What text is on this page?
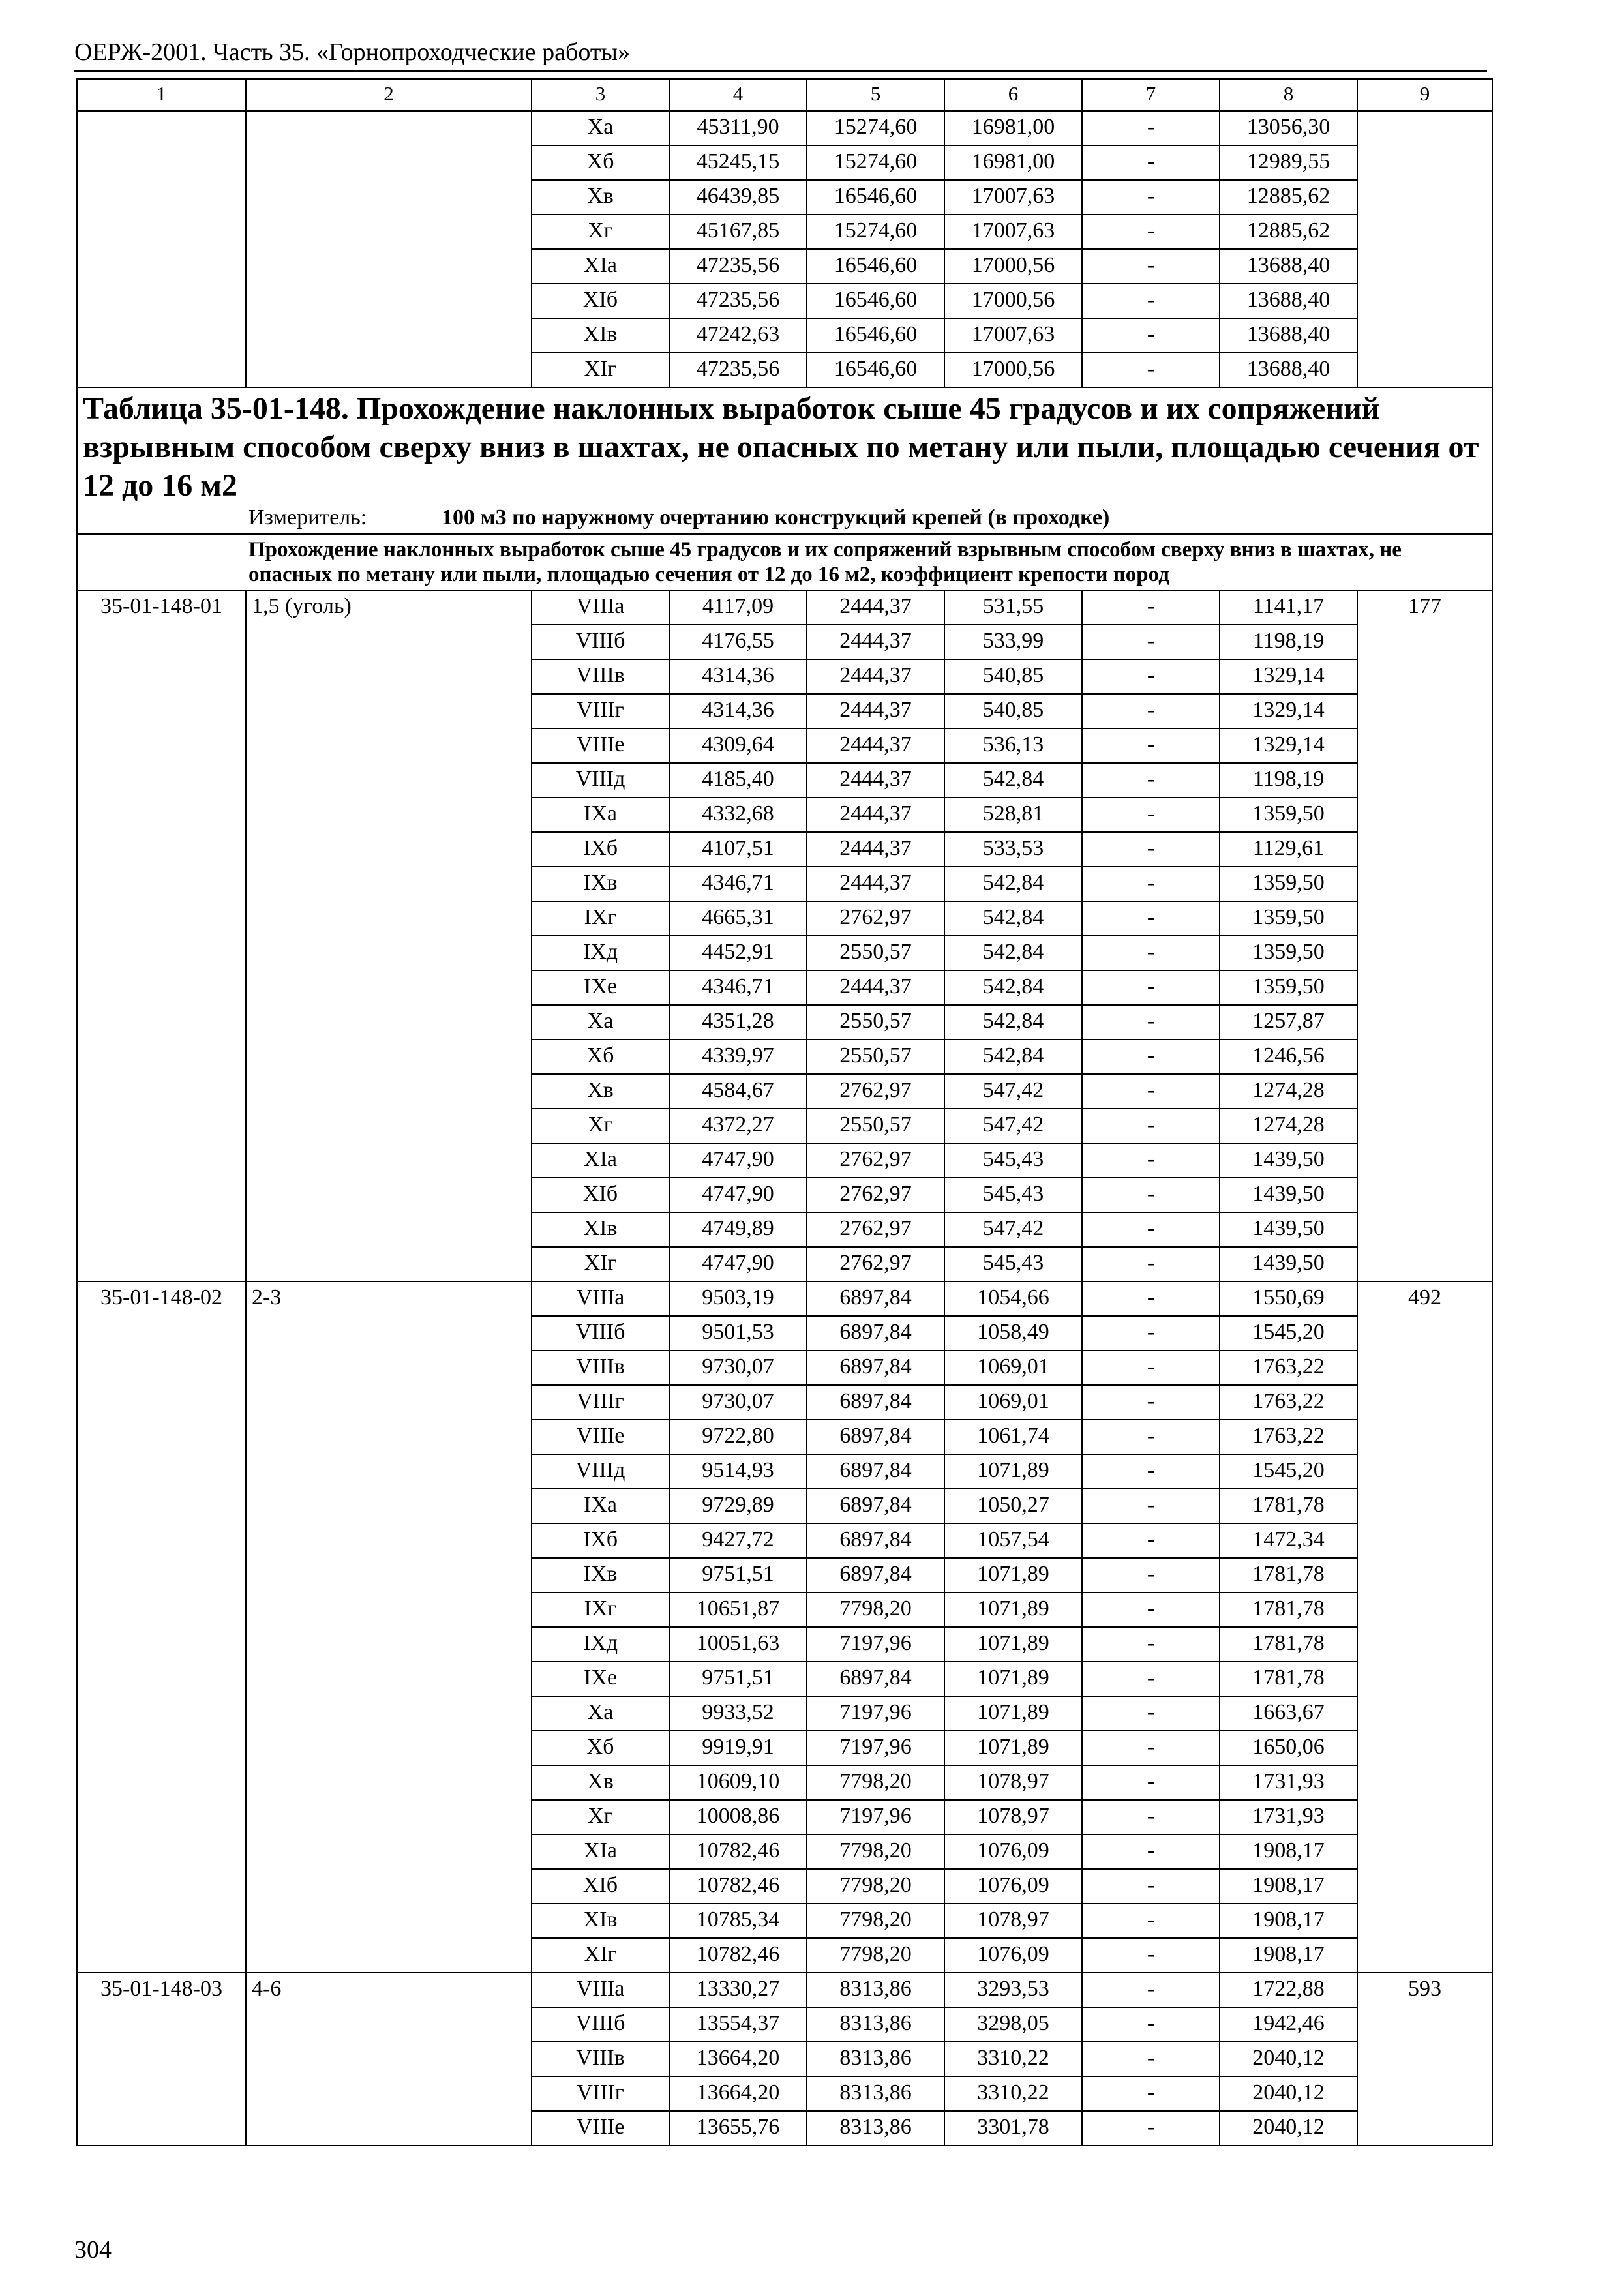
ОЕРЖ-2001. Часть 35. «Горнопроходческие работы»
1	2	3	4	5	6	7	8	9
		Xa	45311,90	15274,60	16981,00	-	13056,30	
		Xб	45245,15	15274,60	16981,00	-	12989,55	
		Xв	46439,85	16546,60	17007,63	-	12885,62	
		Xг	45167,85	15274,60	17007,63	-	12885,62	
		XIa	47235,56	16546,60	17000,56	-	13688,40	
		XIб	47235,56	16546,60	17000,56	-	13688,40	
		XIв	47242,63	16546,60	17007,63	-	13688,40	
		XIг	47235,56	16546,60	17000,56	-	13688,40	
Таблица 35-01-148. Прохождение наклонных выработок сыше 45 градусов и их сопряжений взрывным способом сверху вниз в шахтах, не опасных по метану или пыли, площадью сечения от 12 до 16 м2								
Измеритель: 100 м3 по наружному очертанию конструкций крепей (в проходке)								
Прохождение наклонных выработок сыше 45 градусов и их сопряжений взрывным способом сверху вниз в шахтах, не опасных по метану или пыли, площадью сечения от 12 до 16 м2, коэффициент крепости пород								
35-01-148-01	1,5 (уголь)	VIIIa	4117,09	2444,37	531,55	-	1141,17	177
		VIIIб	4176,55	2444,37	533,99	-	1198,19	
		VIIIв	4314,36	2444,37	540,85	-	1329,14	
		VIIIг	4314,36	2444,37	540,85	-	1329,14	
		VIIIе	4309,64	2444,37	536,13	-	1329,14	
		VIIIд	4185,40	2444,37	542,84	-	1198,19	
		IXa	4332,68	2444,37	528,81	-	1359,50	
		IXб	4107,51	2444,37	533,53	-	1129,61	
		IXв	4346,71	2444,37	542,84	-	1359,50	
		IXг	4665,31	2762,97	542,84	-	1359,50	
		IXд	4452,91	2550,57	542,84	-	1359,50	
		IXе	4346,71	2444,37	542,84	-	1359,50	
		Xa	4351,28	2550,57	542,84	-	1257,87	
		Xб	4339,97	2550,57	542,84	-	1246,56	
		Xв	4584,67	2762,97	547,42	-	1274,28	
		Xг	4372,27	2550,57	547,42	-	1274,28	
		XIa	4747,90	2762,97	545,43	-	1439,50	
		XIб	4747,90	2762,97	545,43	-	1439,50	
		XIв	4749,89	2762,97	547,42	-	1439,50	
		XIг	4747,90	2762,97	545,43	-	1439,50	
35-01-148-02	2-3	VIIIa	9503,19	6897,84	1054,66	-	1550,69	492
		VIIIб	9501,53	6897,84	1058,49	-	1545,20	
		VIIIв	9730,07	6897,84	1069,01	-	1763,22	
		VIIIг	9730,07	6897,84	1069,01	-	1763,22	
		VIIIе	9722,80	6897,84	1061,74	-	1763,22	
		VIIIд	9514,93	6897,84	1071,89	-	1545,20	
		IXa	9729,89	6897,84	1050,27	-	1781,78	
		IXб	9427,72	6897,84	1057,54	-	1472,34	
		IXв	9751,51	6897,84	1071,89	-	1781,78	
		IXг	10651,87	7798,20	1071,89	-	1781,78	
		IXд	10051,63	7197,96	1071,89	-	1781,78	
		IXе	9751,51	6897,84	1071,89	-	1781,78	
		Xa	9933,52	7197,96	1071,89	-	1663,67	
		Xб	9919,91	7197,96	1071,89	-	1650,06	
		Xв	10609,10	7798,20	1078,97	-	1731,93	
		Xг	10008,86	7197,96	1078,97	-	1731,93	
		XIa	10782,46	7798,20	1076,09	-	1908,17	
		XIб	10782,46	7798,20	1076,09	-	1908,17	
		XIв	10785,34	7798,20	1078,97	-	1908,17	
		XIг	10782,46	7798,20	1076,09	-	1908,17	
35-01-148-03	4-6	VIIIa	13330,27	8313,86	3293,53	-	1722,88	593
		VIIIб	13554,37	8313,86	3298,05	-	1942,46	
		VIIIв	13664,20	8313,86	3310,22	-	2040,12	
		VIIIг	13664,20	8313,86	3310,22	-	2040,12	
		VIIIе	13655,76	8313,86	3301,78	-	2040,12	
304
